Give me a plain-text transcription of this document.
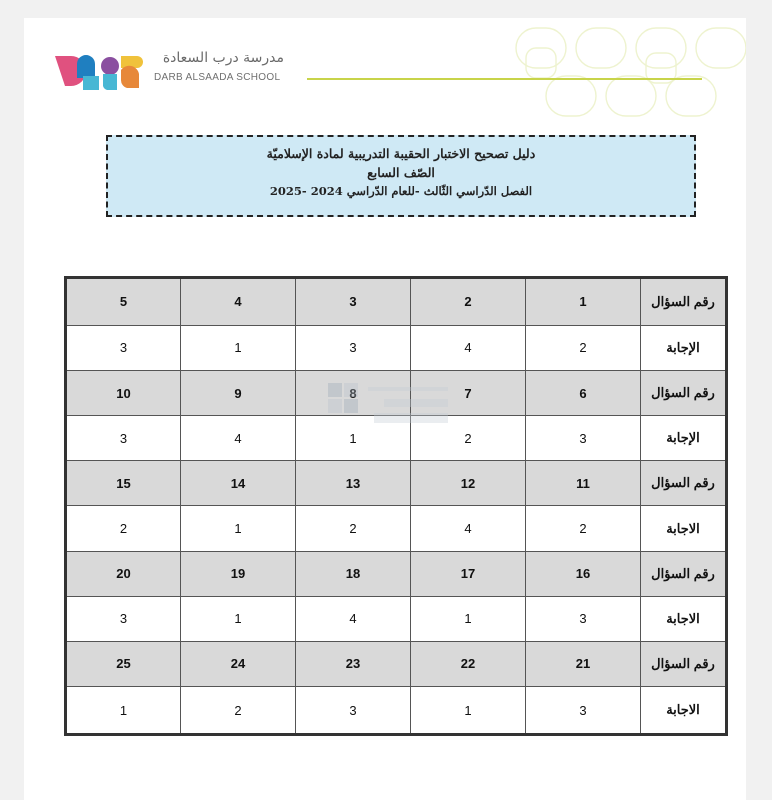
مدرسة درب السعادة
DARB ALSAADA SCHOOL
دليل تصحيح الاختبار الحقيبة التدريبية لمادة الإسلاميّة
الصّف السابع
الفصل الدّراسي الثّالث -للعام الدّراسي 2024 -2025
رقم السؤال	1	2	3	4	5
الإجابة	2	4	3	1	3
رقم السؤال	6	7	8	9	10
الإجابة	3	2	1	4	3
رقم السؤال	11	12	13	14	15
الاجابة	2	4	2	1	2
رقم السؤال	16	17	18	19	20
الاجابة	3	1	4	1	3
رقم السؤال	21	22	23	24	25
الاجابة	3	1	3	2	1
